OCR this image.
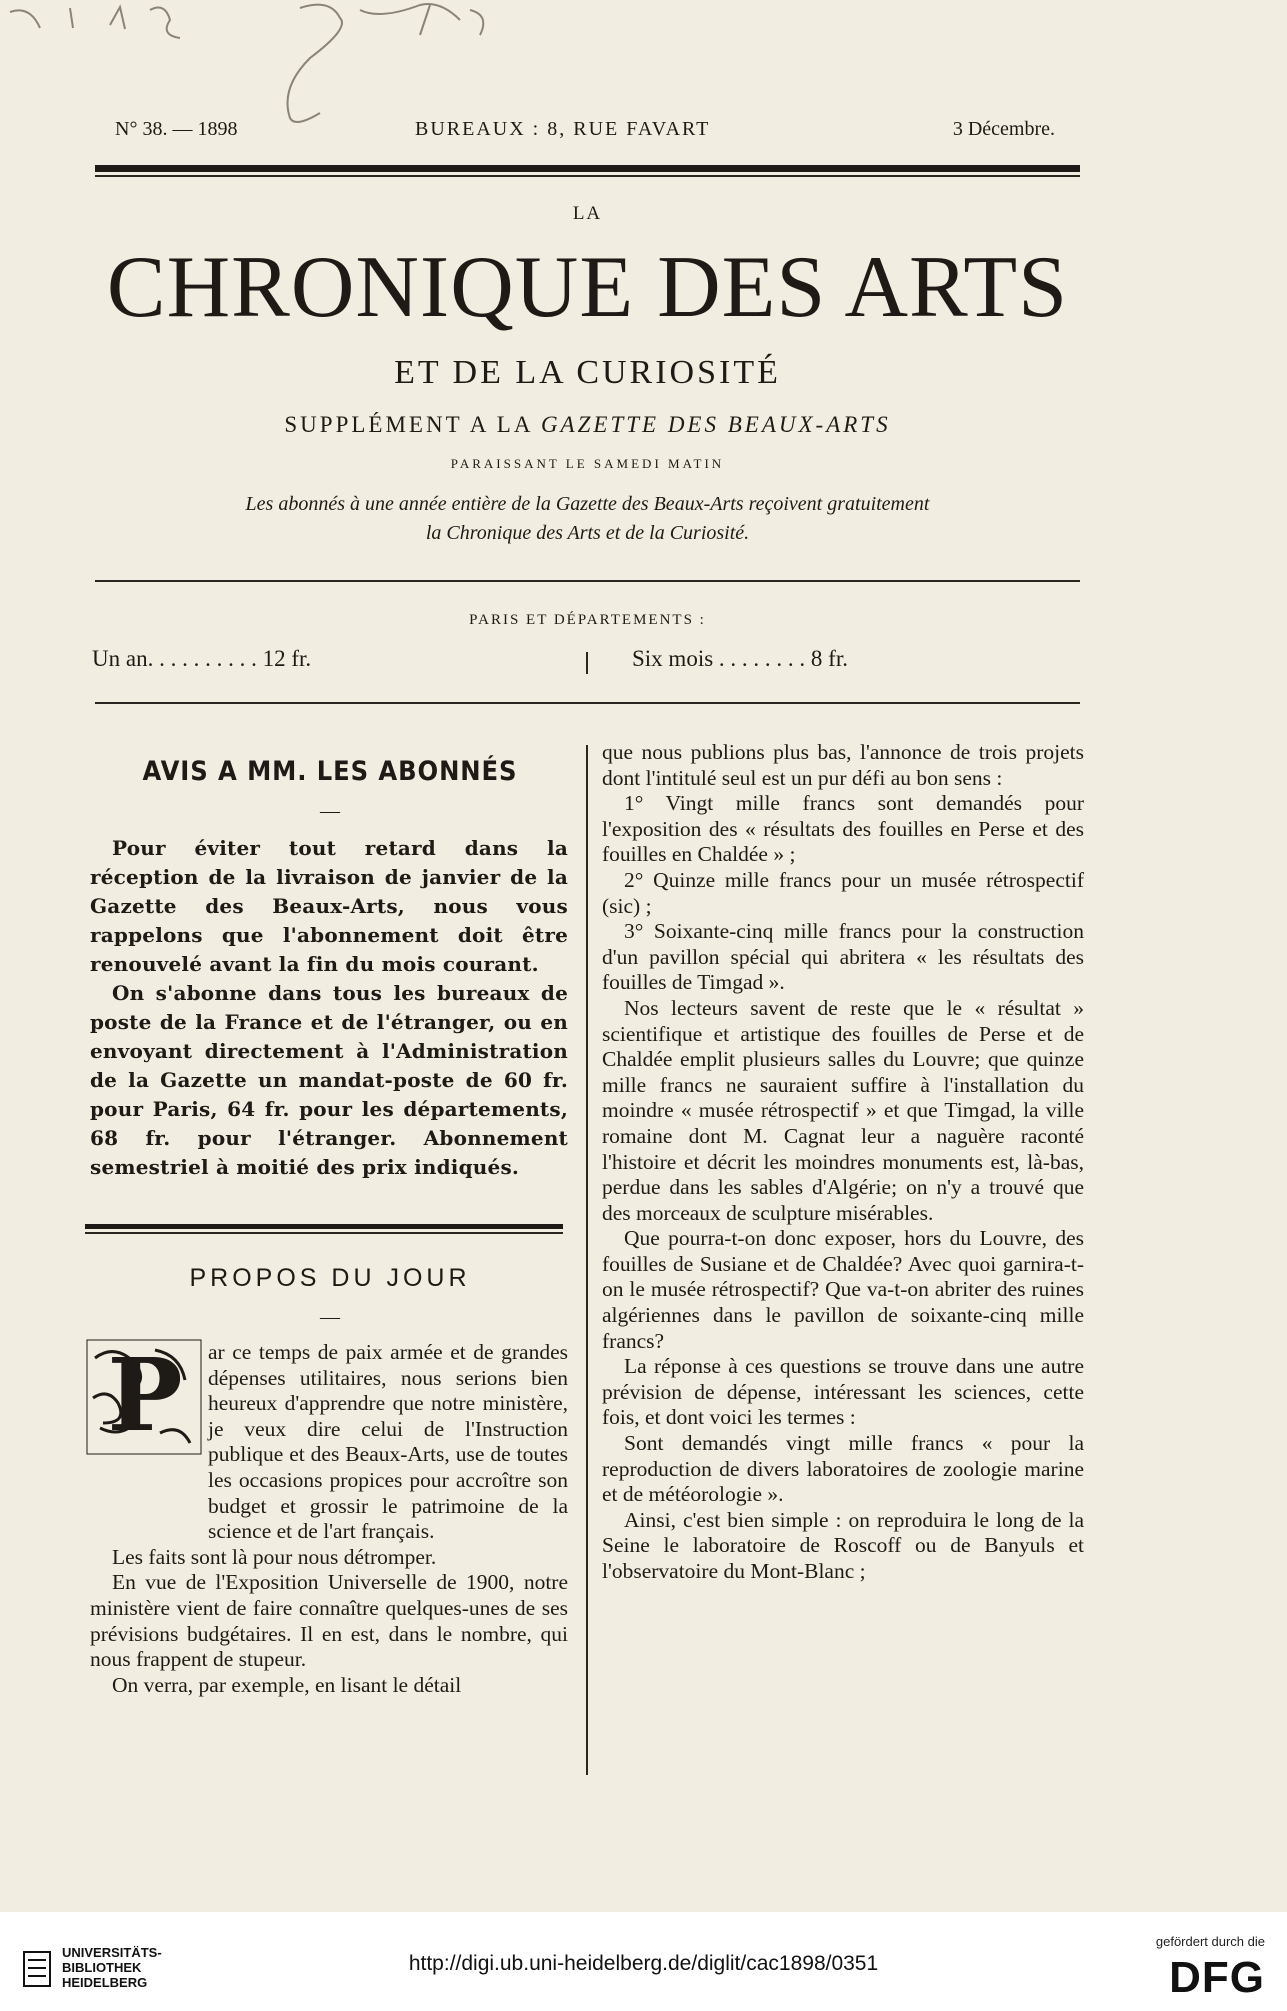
N° 38. — 1898	BUREAUX : 8, RUE FAVART	3 Décembre.
LA
CHRONIQUE DES ARTS
ET DE LA CURIOSITÉ
SUPPLÉMENT A LA GAZETTE DES BEAUX-ARTS
PARAISSANT LE SAMEDI MATIN
Les abonnés à une année entière de la Gazette des Beaux-Arts reçoivent gratuitement
la Chronique des Arts et de la Curiosité.
PARIS ET DÉPARTEMENTS :
Un an. . . . . . . . . . 12 fr.	Six mois . . . . . . . . 8 fr.
AVIS A MM. LES ABONNÉS
—

Pour éviter tout retard dans la réception de la livraison de janvier de la Gazette des Beaux-Arts, nous vous rappelons que l'abonnement doit être renouvelé avant la fin du mois courant.

On s'abonne dans tous les bureaux de poste de la France et de l'étranger, ou en envoyant directement à l'Administration de la Gazette un mandat-poste de 60 fr. pour Paris, 64 fr. pour les départements, 68 fr. pour l'étranger. Abonnement semestriel à moitié des prix indiqués.

PROPOS DU JOUR
—
P	ar ce temps de paix armée et de grandes dépenses utilitaires, nous serions bien heureux d'apprendre que notre ministère, je veux dire celui de l'Instruction publique et des Beaux-Arts, use de toutes les occasions propices pour accroître son budget et grossir le patrimoine de la science et de l'art français.

Les faits sont là pour nous détromper.

En vue de l'Exposition Universelle de 1900, notre ministère vient de faire connaître quelques-unes de ses prévisions budgétaires. Il en est, dans le nombre, qui nous frappent de stupeur.

On verra, par exemple, en lisant le détail

que nous publions plus bas, l'annonce de trois projets dont l'intitulé seul est un pur défi au bon sens :

1° Vingt mille francs sont demandés pour l'exposition des « résultats des fouilles en Perse et des fouilles en Chaldée » ;

2° Quinze mille francs pour un musée rétrospectif (sic) ;

3° Soixante-cinq mille francs pour la construction d'un pavillon spécial qui abritera « les résultats des fouilles de Timgad ».

Nos lecteurs savent de reste que le « résultat » scientifique et artistique des fouilles de Perse et de Chaldée emplit plusieurs salles du Louvre; que quinze mille francs ne sauraient suffire à l'installation du moindre « musée rétrospectif » et que Timgad, la ville romaine dont M. Cagnat leur a naguère raconté l'histoire et décrit les moindres monuments est, là-bas, perdue dans les sables d'Algérie; on n'y a trouvé que des morceaux de sculpture misérables.

Que pourra-t-on donc exposer, hors du Louvre, des fouilles de Susiane et de Chaldée? Avec quoi garnira-t-on le musée rétrospectif? Que va-t-on abriter des ruines algériennes dans le pavillon de soixante-cinq mille francs?

La réponse à ces questions se trouve dans une autre prévision de dépense, intéressant les sciences, cette fois, et dont voici les termes :

Sont demandés vingt mille francs « pour la reproduction de divers laboratoires de zoologie marine et de météorologie ».

Ainsi, c'est bien simple : on reproduira le long de la Seine le laboratoire de Roscoff ou de Banyuls et l'observatoire du Mont-Blanc ;

UNIVERSITÄTS-
BIBLIOTHEK
HEIDELBERG
http://digi.ub.uni-heidelberg.de/diglit/cac1898/0351
gefördert durch die
DFG
